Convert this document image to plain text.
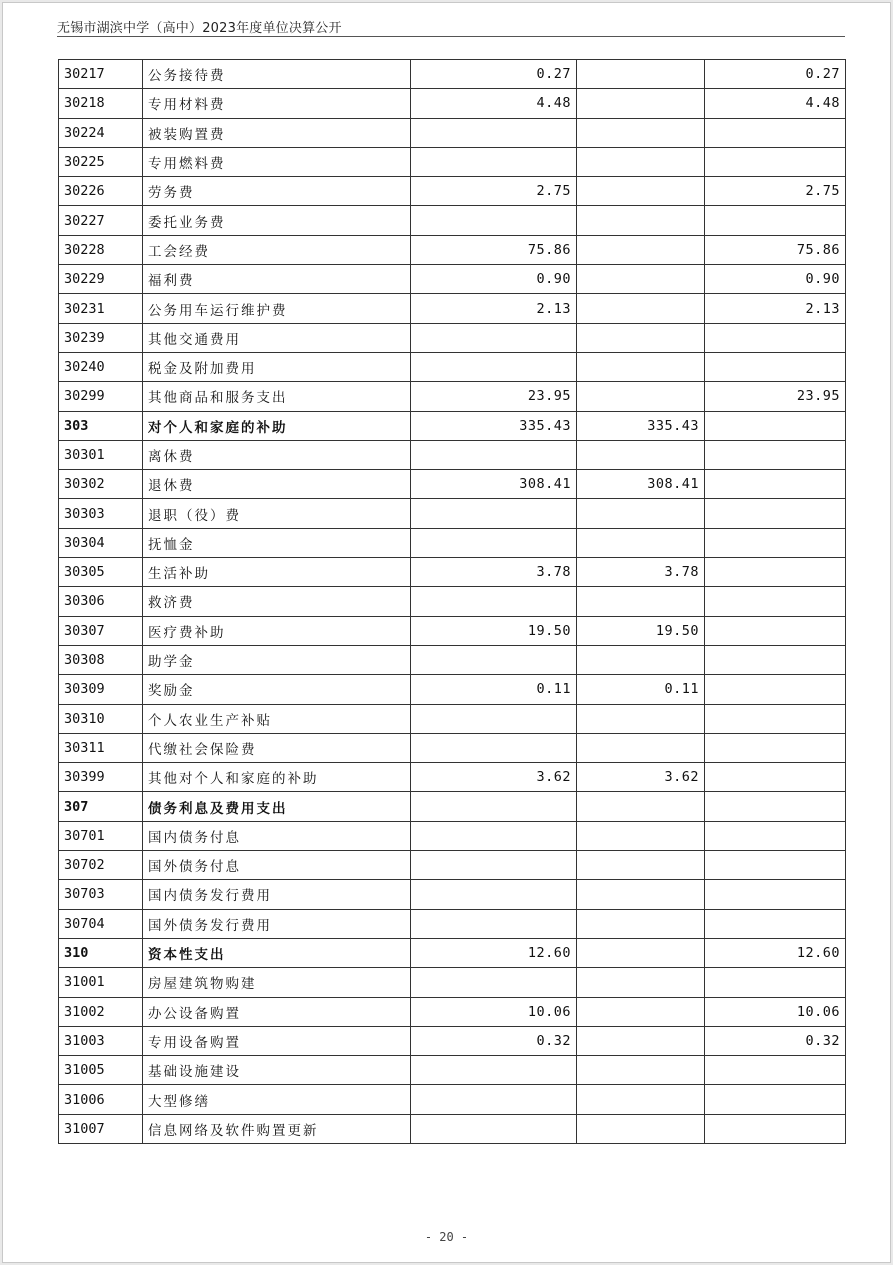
无锡市湖滨中学（高中）2023年度单位决算公开
30217	公务接待费	0.27		0.27
30218	专用材料费	4.48		4.48
30224	被装购置费			
30225	专用燃料费			
30226	劳务费	2.75		2.75
30227	委托业务费			
30228	工会经费	75.86		75.86
30229	福利费	0.90		0.90
30231	公务用车运行维护费	2.13		2.13
30239	其他交通费用			
30240	税金及附加费用			
30299	其他商品和服务支出	23.95		23.95
303	对个人和家庭的补助	335.43	335.43	
30301	离休费			
30302	退休费	308.41	308.41	
30303	退职（役）费			
30304	抚恤金			
30305	生活补助	3.78	3.78	
30306	救济费			
30307	医疗费补助	19.50	19.50	
30308	助学金			
30309	奖励金	0.11	0.11	
30310	个人农业生产补贴			
30311	代缴社会保险费			
30399	其他对个人和家庭的补助	3.62	3.62	
307	债务利息及费用支出			
30701	国内债务付息			
30702	国外债务付息			
30703	国内债务发行费用			
30704	国外债务发行费用			
310	资本性支出	12.60		12.60
31001	房屋建筑物购建			
31002	办公设备购置	10.06		10.06
31003	专用设备购置	0.32		0.32
31005	基础设施建设			
31006	大型修缮			
31007	信息网络及软件购置更新			
- 20 -
